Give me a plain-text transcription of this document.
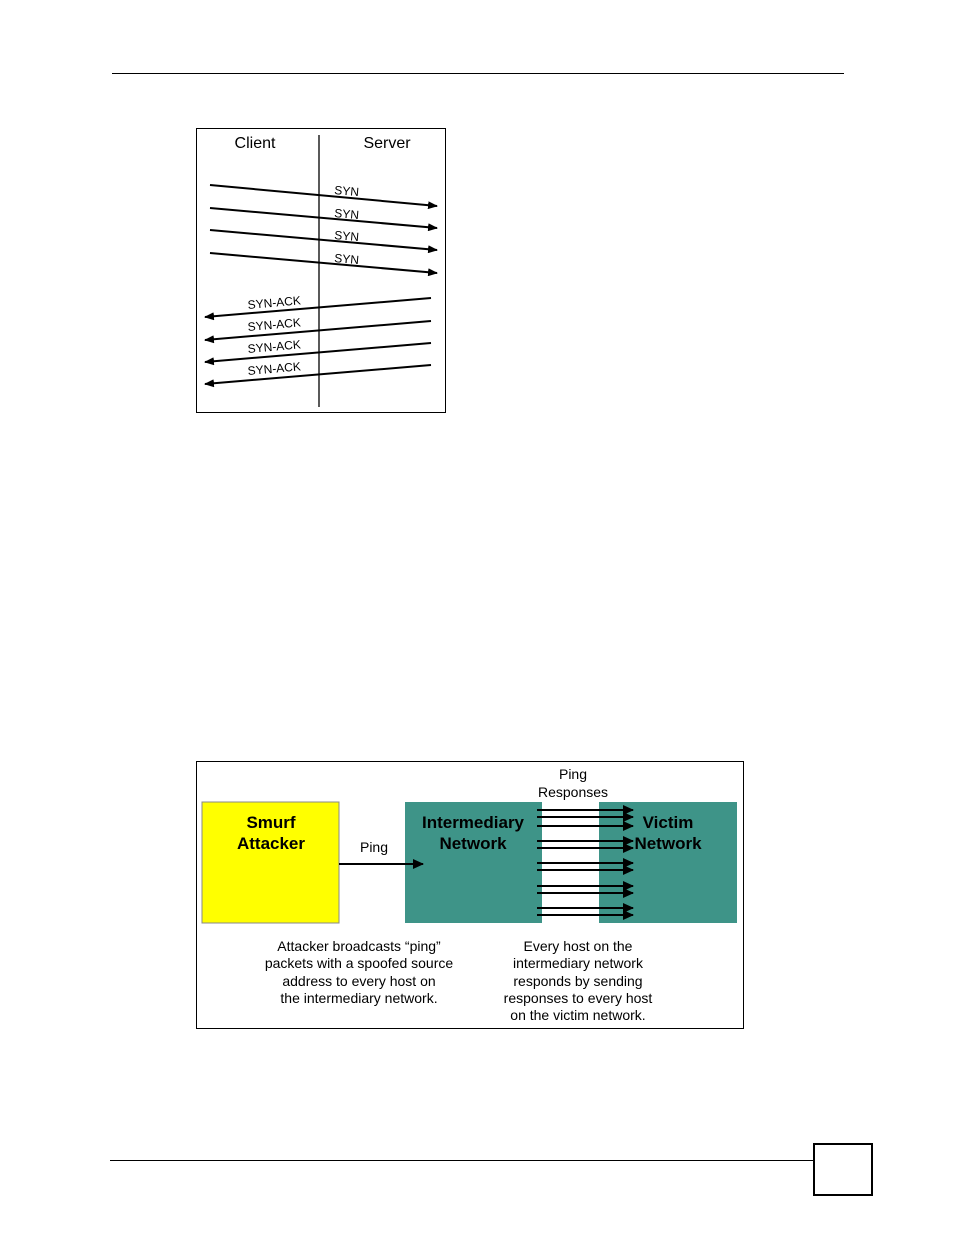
Client	Server
SYN
SYN
SYN
SYN
SYN-ACK
SYN-ACK
SYN-ACK
SYN-ACK
Smurf
Attacker
Intermediary
Network
Victim
Network
Ping
Ping
Responses
Attacker broadcasts “ping”
packets with a spoofed source
address to every host on
the intermediary network.
Every host on the
intermediary network
responds by sending
responses to every host
on the victim network.
